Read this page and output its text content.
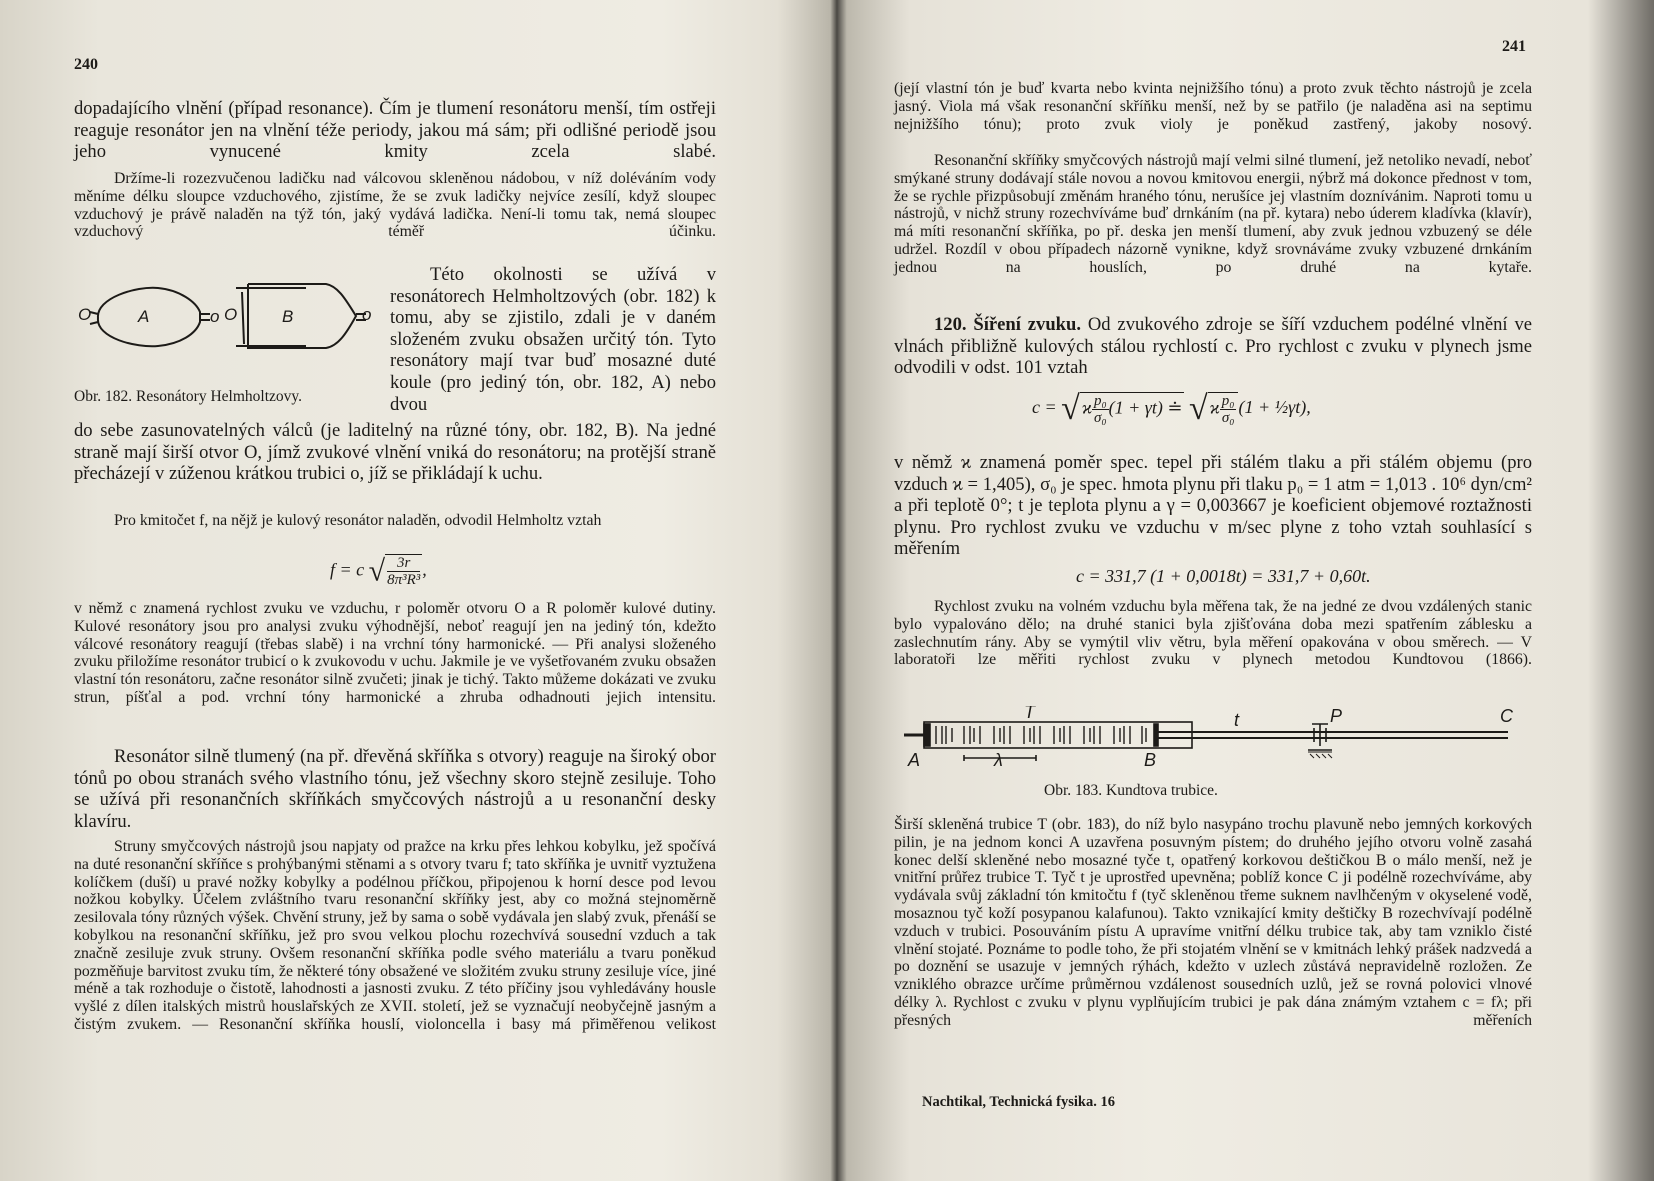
240

dopadajícího vlnění (případ resonance). Čím je tlumení resonátoru menší, tím ostřeji reaguje resonátor jen na vlnění téže periody, jakou má sám; při odlišné periodě jsou jeho vynucené kmity zcela slabé.

Držíme-li rozezvučenou ladičku nad válcovou skleněnou nádobou, v níž doléváním vody měníme délku sloupce vzduchového, zjistíme, že se zvuk ladičky nejvíce zesílí, když sloupec vzduchový je právě naladěn na týž tón, jaký vydává ladička. Není-li tomu tak, nemá sloupec vzduchový téměř účinku.

O	A	o O	B	o
Obr. 182. Resonátory Helmholtzovy.

Této okolnosti se užívá v resonátorech Helmholtzových (obr. 182) k tomu, aby se zjistilo, zdali je v daném složeném zvuku obsažen určitý tón. Tyto resonátory mají tvar buď mosazné duté koule (pro jediný tón, obr. 182, A) nebo dvou

do sebe zasunovatelných válců (je laditelný na různé tóny, obr. 182, B). Na jedné straně mají širší otvor O, jímž zvukové vlnění vniká do resonátoru; na protější straně přecházejí v zúženou krátkou trubici o, jíž se přikládají k uchu.

Pro kmitočet f, na nějž je kulový resonátor naladěn, odvodil Helmholtz vztah

f = c √ $\frac{3r}{\text{8π³R³}}$ ,

v němž c znamená rychlost zvuku ve vzduchu, r poloměr otvoru O a R poloměr kulové dutiny. Kulové resonátory jsou pro analysi zvuku výhodnější, neboť reagují jen na jediný tón, kdežto válcové resonátory reagují (třebas slabě) i na vrchní tóny harmonické. — Při analysi složeného zvuku přiložíme resonátor trubicí o k zvukovodu v uchu. Jakmile je ve vyšetřovaném zvuku obsažen vlastní tón resonátoru, začne resonátor silně zvučeti; jinak je tichý. Takto můžeme dokázati ve zvuku strun, píšťal a pod. vrchní tóny harmonické a zhruba odhadnouti jejich intensitu.

Resonátor silně tlumený (na př. dřevěná skříňka s otvory) reaguje na široký obor tónů po obou stranách svého vlastního tónu, jež všechny skoro stejně zesiluje. Toho se užívá při resonančních skříňkách smyčcových nástrojů a u resonanční desky klavíru.

Struny smyčcových nástrojů jsou napjaty od pražce na krku přes lehkou kobylku, jež spočívá na duté resonanční skříňce s prohýbanými stěnami a s otvory tvaru f; tato skříňka je uvnitř vyztužena kolíčkem (duší) u pravé nožky kobylky a podélnou příčkou, připojenou k horní desce pod levou nožkou kobylky. Účelem zvláštního tvaru resonanční skříňky jest, aby co možná stejnoměrně zesilovala tóny různých výšek. Chvění struny, jež by sama o sobě vydávala jen slabý zvuk, přenáší se kobylkou na resonanční skříňku, jež pro svou velkou plochu rozechvívá sousední vzduch a tak značně zesiluje zvuk struny. Ovšem resonanční skříňka podle svého materiálu a tvaru poněkud pozměňuje barvitost zvuku tím, že některé tóny obsažené ve složitém zvuku struny zesiluje více, jiné méně a tak rozhoduje o čistotě, lahodnosti a jasnosti zvuku. Z této příčiny jsou vyhledávány housle vyšlé z dílen italských mistrů houslařských ze XVII. století, jež se vyznačují neobyčejně jasným a čistým zvukem. — Resonanční skříňka houslí, violoncella i basy má přiměřenou velikost

241

(její vlastní tón je buď kvarta nebo kvinta nejnižšího tónu) a proto zvuk těchto nástrojů je zcela jasný. Viola má však resonanční skříňku menší, než by se patřilo (je naladěna asi na septimu nejnižšího tónu); proto zvuk violy je poněkud zastřený, jakoby nosový.

Resonanční skříňky smyčcových nástrojů mají velmi silné tlumení, jež netoliko nevadí, neboť smýkané struny dodávají stále novou a novou kmitovou energii, nýbrž má dokonce přednost v tom, že se rychle přizpůsobují změnám hraného tónu, nerušíce jej vlastním doznívánim. Naproti tomu u nástrojů, v nichž struny rozechvíváme buď drnkáním (na př. kytara) nebo úderem kladívka (klavír), má míti resonanční skříňka, po př. deska jen menší tlumení, aby zvuk jednou vzbuzený se déle udržel. Rozdíl v obou případech názorně vynikne, když srovnáváme zvuky vzbuzené drnkáním jednou na houslích, po druhé na kytaře.

120. Šíření zvuku. Od zvukového zdroje se šíří vzduchem podélné vlnění ve vlnách přibližně kulových stálou rychlostí c. Pro rychlost c zvuku v plynech jsme odvodili v odst. 101 vztah

c = √ ϰ $\frac{\text{p₀}}{\text{σ₀}}(1 + \gamma t)$ ≐ √ ϰ $\frac{\text{p₀}}{\text{σ₀}} (1$ + ½γt),

v němž ϰ znamená poměr spec. tepel při stálém tlaku a při stálém objemu (pro vzduch ϰ = 1,405), σ₀ je spec. hmota plynu při tlaku p₀ = 1 atm = 1,013 . 10⁶ dyn/cm² a při teplotě 0°; t je teplota plynu a γ = 0,003667 je koeficient objemové roztažnosti plynu. Pro rychlost zvuku ve vzduchu v m/sec plyne z toho vztah souhlasící s měřením

c = 331,7 (1 + 0,0018t) = 331,7 + 0,60t.

Rychlost zvuku na volném vzduchu byla měřena tak, že na jedné ze dvou vzdálených stanic bylo vypalováno dělo; na druhé stanici byla zjišťována doba mezi spatřením záblesku a zaslechnutím rány. Aby se vymýtil vliv větru, byla měření opakována v obou směrech. — V laboratoři lze měřiti rychlost zvuku v plynech metodou Kundtovou (1866).

T	t	P	C
A	B
λ
Obr. 183. Kundtova trubice.

Širší skleněná trubice T (obr. 183), do níž bylo nasypáno trochu plavuně nebo jemných korkových pilin, je na jednom konci A uzavřena posuvným pístem; do druhého jejího otvoru volně zasahá konec delší skleněné nebo mosazné tyče t, opatřený korkovou deštičkou B o málo menší, než je vnitřní průřez trubice T. Tyč t je uprostřed upevněna; poblíž konce C ji podélně rozechvíváme, aby vydávala svůj základní tón kmitočtu f (tyč skleněnou třeme suknem navlhčeným v okyselené vodě, mosaznou tyč koží posypanou kalafunou). Takto vznikající kmity deštičky B rozechvívají podélně vzduch v trubici. Posouváním pístu A upravíme vnitřní délku trubice tak, aby tam vzniklo čisté vlnění stojaté. Poznáme to podle toho, že při stojatém vlnění se v kmitnách lehký prášek nadzvedá a po doznění se usazuje v jemných rýhách, kdežto v uzlech zůstává nepravidelně rozložen. Ze vzniklého obrazce určíme průměrnou vzdálenost sousedních uzlů, jež se rovná polovici vlnové délky λ. Rychlost c zvuku v plynu vyplňujícím trubici je pak dána známým vztahem c = fλ; při přesných měřeních

Nachtikal, Technická fysika. 16
